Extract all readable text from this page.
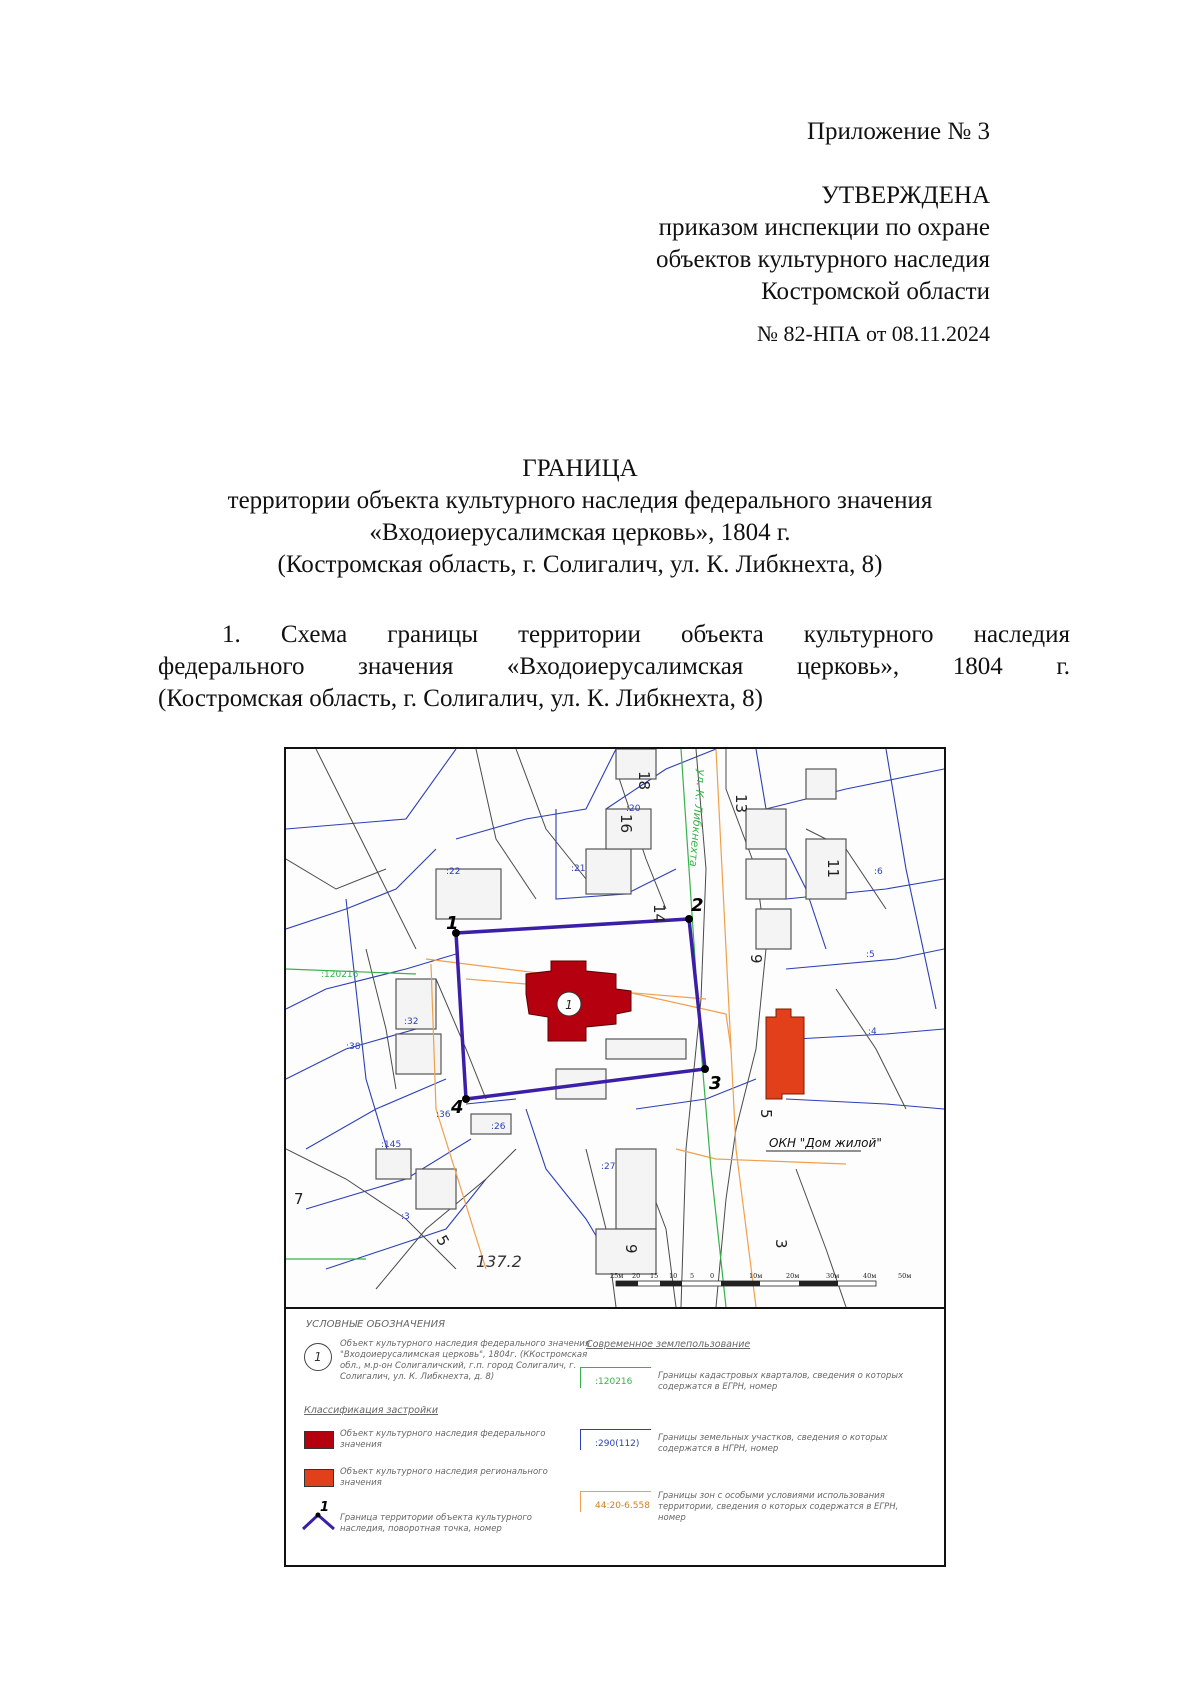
Приложение № 3
УТВЕРЖДЕНА
приказом инспекции по охране
объектов культурного наследия
Костромской области
№ 82-НПА от 08.11.2024
ГРАНИЦА
территории объекта культурного наследия федерального значения
«Входоиерусалимская церковь», 1804 г.
(Костромская область, г. Солигалич, ул. К. Либкнехта, 8)
1. Схема границы территории объекта культурного наследия
федерального значения «Входоиерусалимская церковь», 1804 г.
(Костромская область, г. Солигалич, ул. К. Либкнехта, 8)
1
1
2
3
4
18
16
14
13
11
9
5
3
9
5
7
:22	:21
:20
:32
:38
:36
:145
:26
:27
:6
:5
:4
:120216
:3
ул. К. Либкнехта
137.2
ОКН "Дом жилой"
25м 20 15 10 5 0	10м	20м	30м	40м	50м
УСЛОВНЫЕ ОБОЗНАЧЕНИЯ
1
Объект культурного наследия федерального значения "Входоиерусалимская церковь", 1804г. (ККостромская обл., м.р-он Солигаличский, г.п. город Солигалич, г. Солигалич, ул. К. Либкнехта, д. 8)
Классификация застройки
Объект культурного наследия федерального значения
Объект культурного наследия регионального значения
1
Граница территории объекта культурного наследия, поворотная точка, номер
Современное землепользование
:120216
Границы кадастровых кварталов, сведения о которых содержатся в ЕГРН, номер
:290(112)
Границы земельных участков, сведения о которых содержатся в НГРН, номер
44:20-6.558
Границы зон с особыми условиями использования территории, сведения о которых содержатся в ЕГРН, номер
